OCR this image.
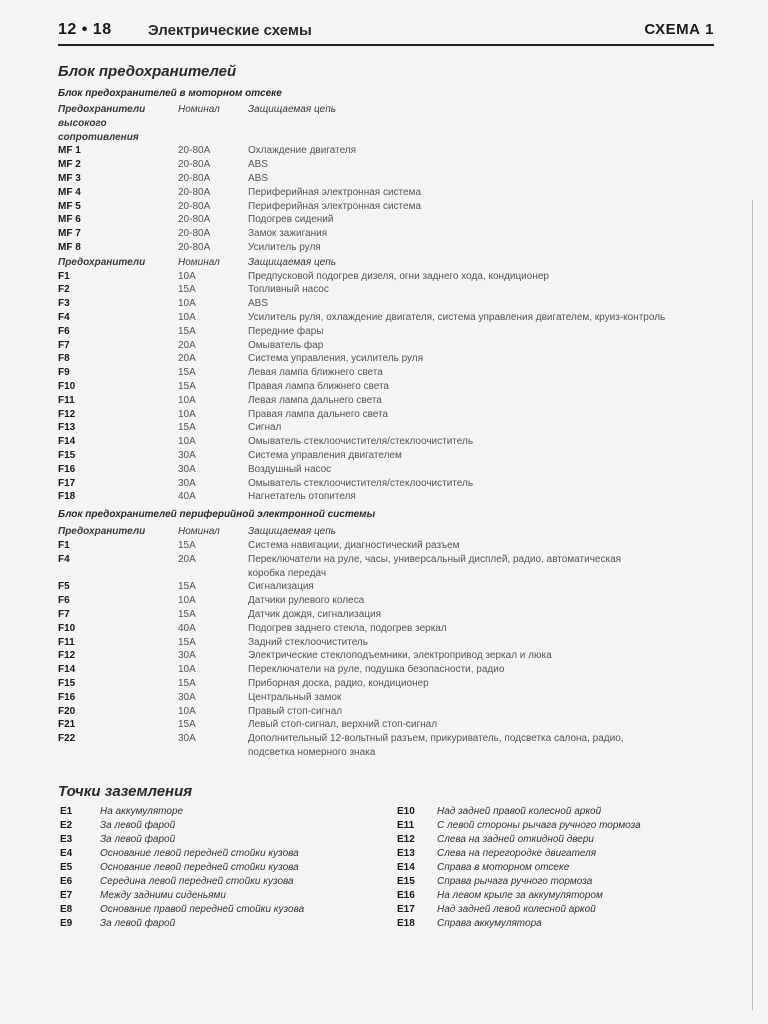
12 • 18 Электрические схемы	СХЕМА 1
Блок предохранителей
Блок предохранителей в моторном отсеке
Предохранители	Номинал	Защищаемая цепь
высокого
сопротивления
MF 1	20-80А	Охлаждение двигателя
MF 2	20-80А	ABS
MF 3	20-80А	ABS
MF 4	20-80А	Периферийная электронная система
MF 5	20-80А	Периферийная электронная система
MF 6	20-80А	Подогрев сидений
MF 7	20-80А	Замок зажигания
MF 8	20-80А	Усилитель руля
Предохранители	Номинал	Защищаемая цепь
F1	10А	Предпусковой подогрев дизеля, огни заднего хода, кондиционер
F2	15А	Топливный насос
F3	10А	ABS
F4	10А	Усилитель руля, охлаждение двигателя, система управления двигателем, круиз-контроль
F6	15А	Передние фары
F7	20А	Омыватель фар
F8	20А	Система управления, усилитель руля
F9	15А	Левая лампа ближнего света
F10	15А	Правая лампа ближнего света
F11	10А	Левая лампа дальнего света
F12	10А	Правая лампа дальнего света
F13	15А	Сигнал
F14	10А	Омыватель стеклоочистителя/стеклоочиститель
F15	30А	Система управления двигателем
F16	30А	Воздушный насос
F17	30А	Омыватель стеклоочистителя/стеклоочиститель
F18	40А	Нагнетатель отопителя
Блок предохранителей периферийной электронной системы
Предохранители	Номинал	Защищаемая цепь
F1	15А	Система навигации, диагностический разъем
F4	20А	Переключатели на руле, часы, универсальный дисплей, радио, автоматическая
коробка передач
F5	15А	Сигнализация
F6	10А	Датчики рулевого колеса
F7	15А	Датчик дождя, сигнализация
F10	40А	Подогрев заднего стекла, подогрев зеркал
F11	15А	Задний стеклоочиститель
F12	30А	Электрические стеклоподъемники, электропривод зеркал и люка
F14	10А	Переключатели на руле, подушка безопасности, радио
F15	15А	Приборная доска, радио, кондиционер
F16	30А	Центральный замок
F20	10А	Правый стоп-сигнал
F21	15А	Левый стоп-сигнал, верхний стоп-сигнал
F22	30А	Дополнительный 12-вольтный разъем, прикуриватель, подсветка салона, радио,
подсветка номерного знака
Точки заземления
E1	На аккумуляторе
E2	За левой фарой
E3	За левой фарой
E4	Основание левой передней стойки кузова
E5	Основание левой передней стойки кузова
E6	Середина левой передней стойки кузова
E7	Между задними сиденьями
E8	Основание правой передней стойки кузова
E9	За левой фарой
E10 Над задней правой колесной аркой
E11 С левой стороны рычага ручного тормоза
E12 Слева на задней откидной двери
E13 Слева на перегородке двигателя
E14 Справа в моторном отсеке
E15 Справа рычага ручного тормоза
E16 На левом крыле за аккумулятором
E17 Над задней левой колесной аркой
E18 Справа аккумулятора
